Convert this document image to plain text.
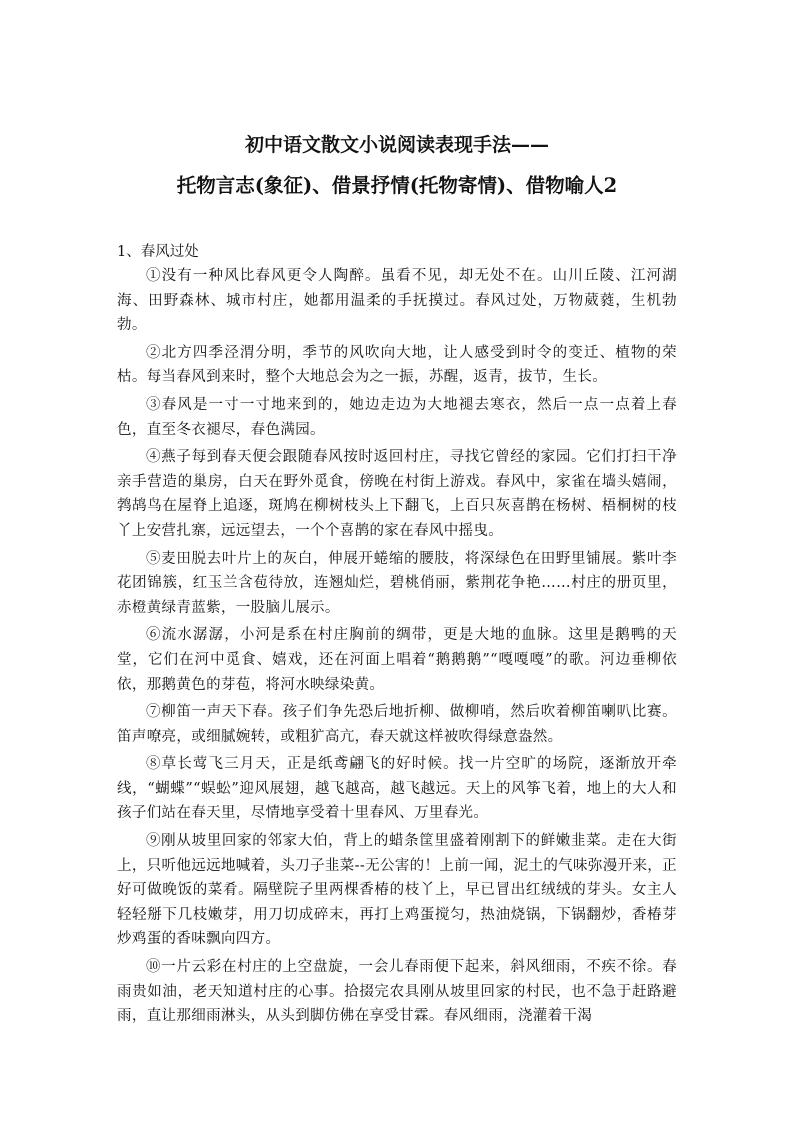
初中语文散文小说阅读表现手法——
托物言志(象征)、借景抒情(托物寄情)、借物喻人2
1、春风过处

①没有一种风比春风更令人陶醉。虽看不见，却无处不在。山川丘陵、江河湖海、田野森林、城市村庄，她都用温柔的手抚摸过。春风过处，万物葳蕤，生机勃勃。

②北方四季泾渭分明，季节的风吹向大地，让人感受到时令的变迁、植物的荣枯。每当春风到来时，整个大地总会为之一振，苏醒，返青，拔节，生长。

③春风是一寸一寸地来到的，她边走边为大地褪去寒衣，然后一点一点着上春色，直至冬衣褪尽，春色满园。

④燕子每到春天便会跟随春风按时返回村庄，寻找它曾经的家园。它们打扫干净亲手营造的巢房，白天在野外觅食，傍晚在村街上游戏。春风中，家雀在墙头嬉闹，鹁鸪鸟在屋脊上追逐，斑鸠在柳树枝头上下翻飞，上百只灰喜鹊在杨树、梧桐树的枝丫上安营扎寨，远远望去，一个个喜鹊的家在春风中摇曳。

⑤麦田脱去叶片上的灰白，伸展开蜷缩的腰肢，将深绿色在田野里铺展。紫叶李花团锦簇，红玉兰含苞待放，连翘灿烂，碧桃俏丽，紫荆花争艳……村庄的册页里，赤橙黄绿青蓝紫，一股脑儿展示。

⑥流水潺潺，小河是系在村庄胸前的绸带，更是大地的血脉。这里是鹅鸭的天堂，它们在河中觅食、嬉戏，还在河面上唱着“鹅鹅鹅”“嘎嘎嘎”的歌。河边垂柳依依，那鹅黄色的芽苞，将河水映绿染黄。

⑦柳笛一声天下春。孩子们争先恐后地折柳、做柳哨，然后吹着柳笛喇叭比赛。笛声嘹亮，或细腻婉转，或粗犷高亢，春天就这样被吹得绿意盎然。

⑧草长莺飞三月天，正是纸鸢翩飞的好时候。找一片空旷的场院，逐渐放开牵线，“蝴蝶”“蜈蚣”迎风展翅，越飞越高，越飞越远。天上的风筝飞着，地上的大人和孩子们站在春天里，尽情地享受着十里春风、万里春光。

⑨刚从坡里回家的邻家大伯，背上的蜡条筐里盛着刚割下的鲜嫩韭菜。走在大街上，只听他远远地喊着，头刀子韭菜--无公害的！上前一闻，泥土的气味弥漫开来，正好可做晚饭的菜肴。隔壁院子里两棵香椿的枝丫上，早已冒出红绒绒的芽头。女主人轻轻掰下几枝嫩芽，用刀切成碎末，再打上鸡蛋搅匀，热油烧锅，下锅翻炒，香椿芽炒鸡蛋的香味飘向四方。

⑩一片云彩在村庄的上空盘旋，一会儿春雨便下起来，斜风细雨，不疾不徐。春雨贵如油，老天知道村庄的心事。拾掇完农具刚从坡里回家的村民，也不急于赶路避雨，直让那细雨淋头，从头到脚仿佛在享受甘霖。春风细雨，浇灌着干渴
